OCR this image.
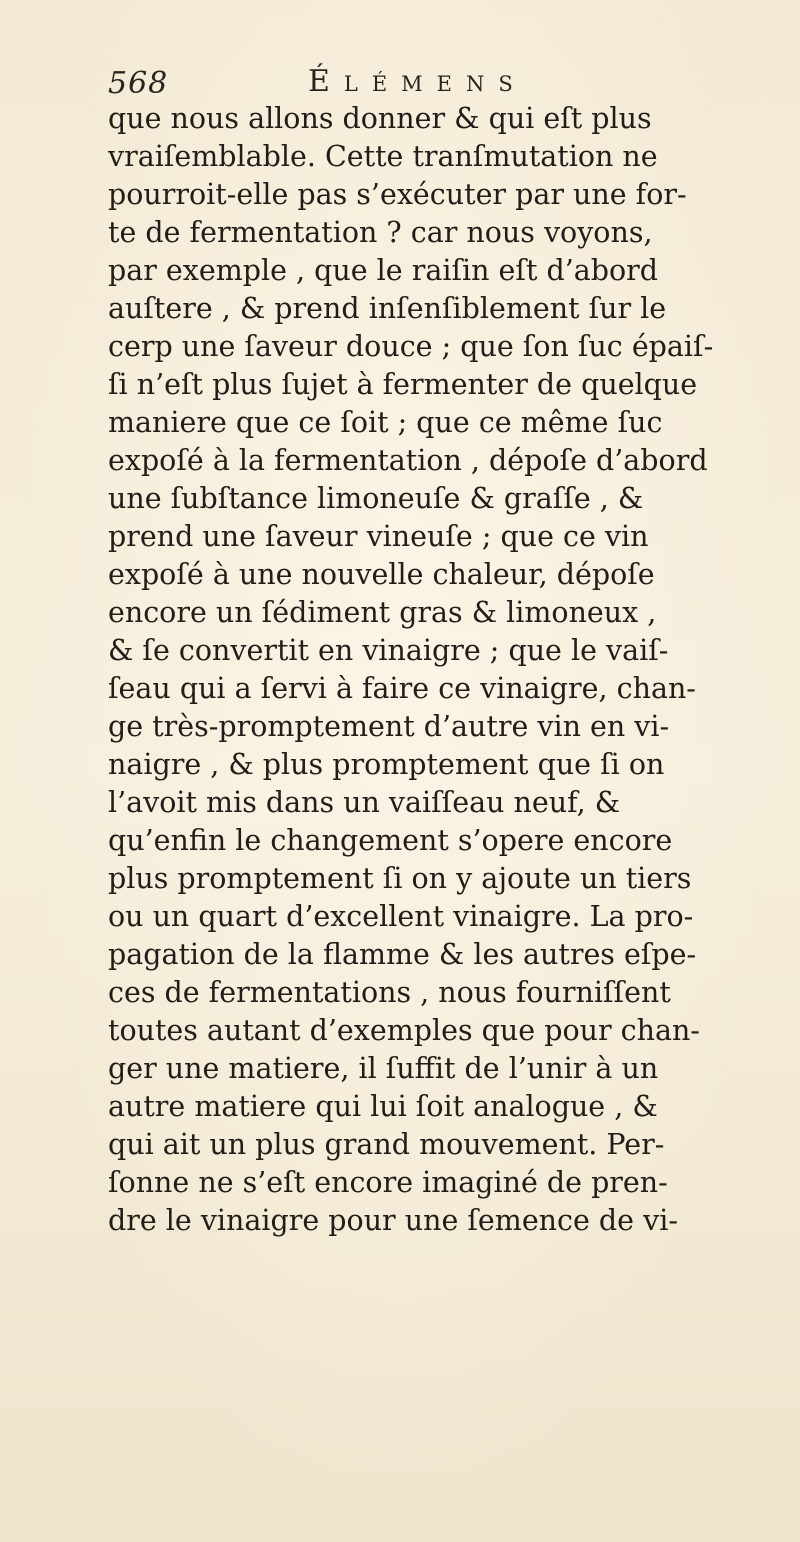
568	Élémens
que nous allons donner & qui eſt plus
vraiſemblable. Cette tranſmutation ne
pourroit-elle pas s’exécuter par une for-
te de fermentation ? car nous voyons,
par exemple , que le raiſin eſt d’abord
auſtere , & prend inſenſiblement ſur le
cerp une ſaveur douce ; que ſon ſuc épaiſ-
ſi n’eſt plus ſujet à fermenter de quelque
maniere que ce ſoit ; que ce même ſuc
expoſé à la fermentation , dépoſe d’abord
une ſubſtance limoneuſe & graſſe , &
prend une ſaveur vineuſe ; que ce vin
expoſé à une nouvelle chaleur, dépoſe
encore un ſédiment gras & limoneux ,
& ſe convertit en vinaigre ; que le vaiſ-
ſeau qui a ſervi à faire ce vinaigre, chan-
ge très-promptement d’autre vin en vi-
naigre , & plus promptement que ſi on
l’avoit mis dans un vaiſſeau neuf, &
qu’enfin le changement s’opere encore
plus promptement ſi on y ajoute un tiers
ou un quart d’excellent vinaigre. La pro-
pagation de la flamme & les autres eſpe-
ces de fermentations , nous fourniſſent
toutes autant d’exemples que pour chan-
ger une matiere, il ſuffit de l’unir à un
autre matiere qui lui ſoit analogue , &
qui ait un plus grand mouvement. Per-
ſonne ne s’eſt encore imaginé de pren-
dre le vinaigre pour une ſemence de vi-
